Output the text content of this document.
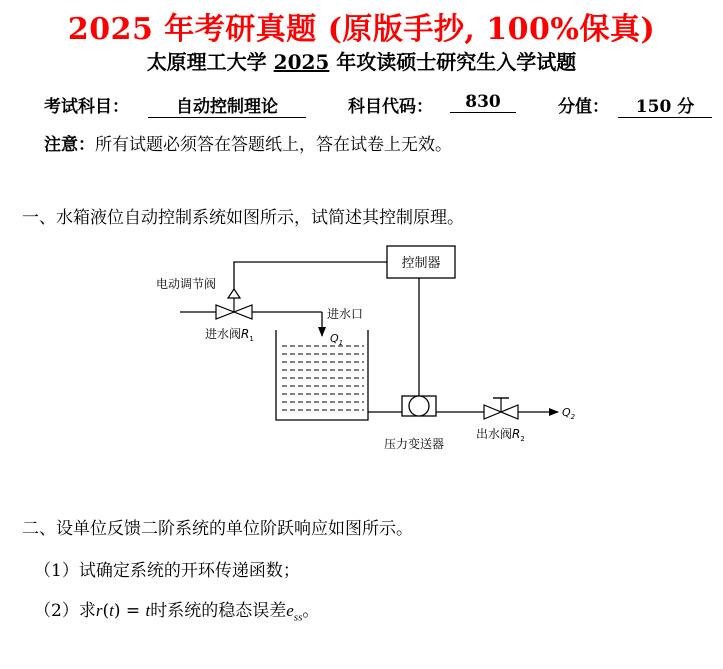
2025 年考研真题 (原版手抄, 100%保真)
太原理工大学 2025 年攻读硕士研究生入学试题
考试科目：	自动控制理论	科目代码：	830	分值：	150 分
注意：所有试题必须答在答题纸上，答在试卷上无效。
一、水箱液位自动控制系统如图所示，试简述其控制原理。
控制器
电动调节阀
进水口
$Q_1$
进水阀$R_1$
压力变送器
$Q_2$
出水阀$R_2$
二、设单位反馈二阶系统的单位阶跃响应如图所示。
（1）试确定系统的开环传递函数；
（2）求r(t) = t时系统的稳态误差$e_{ss}$。
